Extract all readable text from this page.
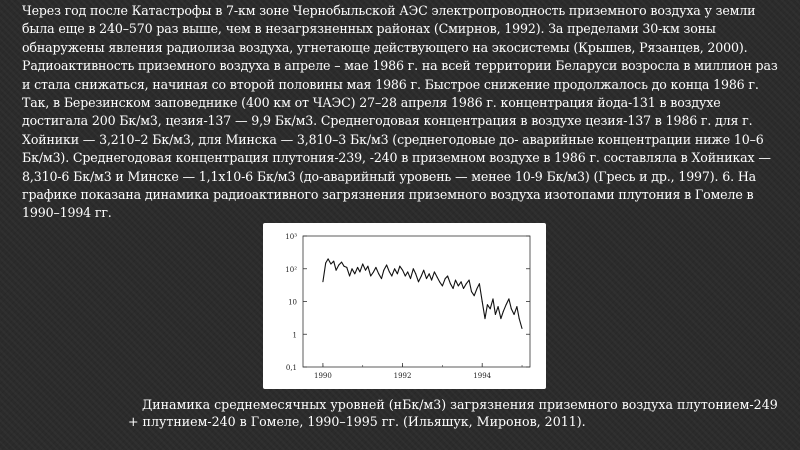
Через год после Катастрофы в 7-км зоне Чернобыльской АЭС электропроводность приземного воздуха у земли была еще в 240–570 раз выше, чем в незагрязненных районах (Смирнов, 1992). За пределами 30-км зоны обнаружены явления радиолиза воздуха, угнетающе действующего на экосистемы (Крышев, Рязанцев, 2000). Радиоактивность приземного воздуха в апреле – мае 1986 г. на всей территории Беларуси возросла в миллион раз и стала снижаться, начиная со второй половины мая 1986 г. Быстрое снижение продолжалось до конца 1986 г. Так, в Березинском заповеднике (400 км от ЧАЭС) 27–28 апреля 1986 г. концентрация йода-131 в воздухе достигала 200 Бк/м3, цезия-137 — 9,9 Бк/м3. Среднегодовая концентрация в воздухе цезия-137 в 1986 г. для г. Хойники — 3,210–2 Бк/м3, для Минска — 3,810–3 Бк/м3 (среднегодовые до- аварийные концентрации ниже 10–6 Бк/м3). Среднегодовая концентрация плутония-239, -240 в приземном воздухе в 1986 г. составляла в Хойниках — 8,310-6 Бк/м3 и Минске — 1,1х10-6 Бк/м3 (до-аварийный уровень — менее 10-9 Бк/м3) (Гресь и др., 1997). 6. На графике показана динамика радиоактивного загрязнения приземного воздуха изотопами плутония в Гомеле в 1990–1994 гг.

0,1
1
10
10²
10³
1990	1992	1994

Динамика среднемесячных уровней (нБк/м3) загрязнения приземного воздуха плутонием-249 + плутнием-240 в Гомеле, 1990–1995 гг. (Ильяшук, Миронов, 2011).
